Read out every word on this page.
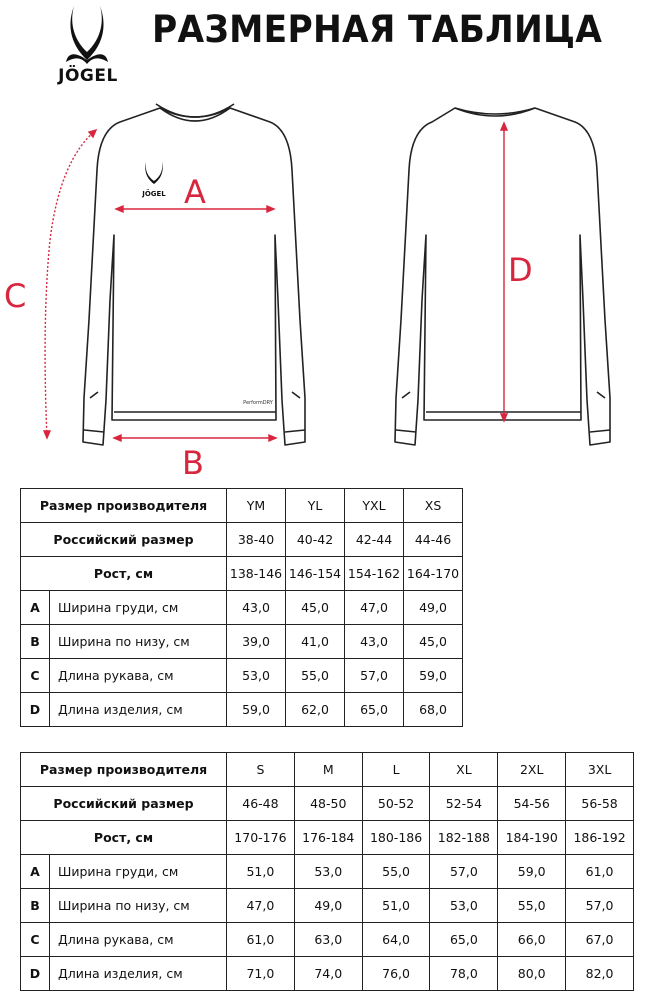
JÖGEL
РАЗМЕРНАЯ ТАБЛИЦА
JÖGEL
PerformDRY
A
B
C
D
Размер производителя		YM	YL	YXL	XS
Российский размер		38-40	40-42	42-44	44-46
Рост, см		138-146	146-154	154-162	164-170
A	Ширина груди, см	43,0	45,0	47,0	49,0
B	Ширина по низу, см	39,0	41,0	43,0	45,0
C	Длина рукава, см	53,0	55,0	57,0	59,0
D	Длина изделия, см	59,0	62,0	65,0	68,0
Размер производителя		S	M	L	XL	2XL	3XL
Российский размер		46-48	48-50	50-52	52-54	54-56	56-58
Рост, см		170-176	176-184	180-186	182-188	184-190	186-192
A	Ширина груди, см	51,0	53,0	55,0	57,0	59,0	61,0
B	Ширина по низу, см	47,0	49,0	51,0	53,0	55,0	57,0
C	Длина рукава, см	61,0	63,0	64,0	65,0	66,0	67,0
D	Длина изделия, см	71,0	74,0	76,0	78,0	80,0	82,0
